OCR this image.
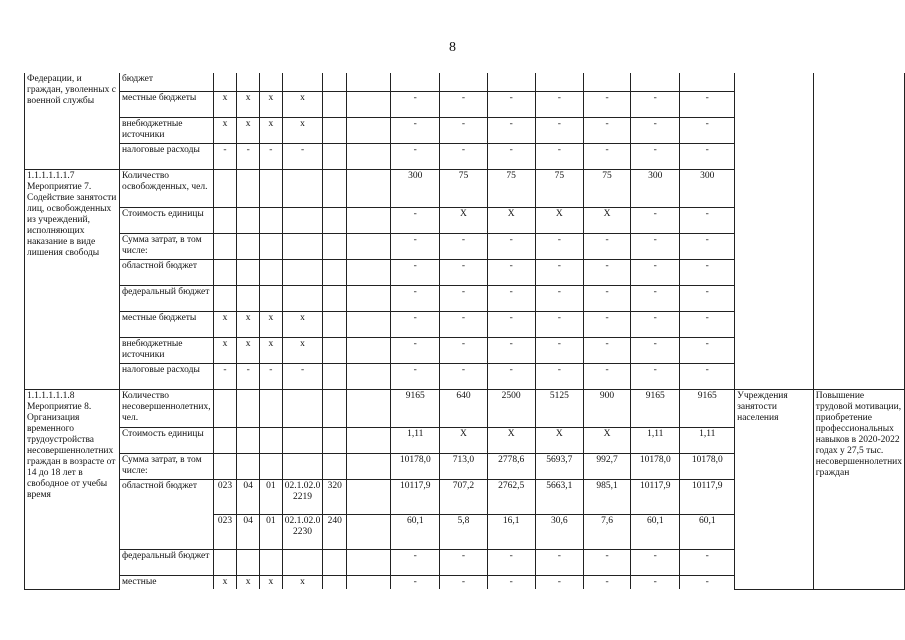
8
Федерации, и граждан, уволенных с военной службы	бюджет															
	местные бюджеты	х	х	х	х			-	-	-	-	-	-	-		
	внебюджетные источники	х	х	х	х			-	-	-	-	-	-	-		
	налоговые расходы	-	-	-	-			-	-	-	-	-	-	-		
1.1.1.1.1.1.7 Мероприятие 7. Содействие занятости лиц, освобожденных из учреждений, исполняющих наказание в виде лишения свободы	Количество освобожденных, чел.							300	75	75	75	75	300	300		
	Стоимость единицы							-	Х	Х	Х	Х	-	-		
	Сумма затрат, в том числе:							-	-	-	-	-	-	-		
	областной бюджет							-	-	-	-	-	-	-		
	федеральный бюджет							-	-	-	-	-	-	-		
	местные бюджеты	х	х	х	х			-	-	-	-	-	-	-		
	внебюджетные источники	х	х	х	х			-	-	-	-	-	-	-		
	налоговые расходы	-	-	-	-			-	-	-	-	-	-	-		
1.1.1.1.1.1.8 Мероприятие 8. Организация временного трудоустройства несовершеннолетних граждан в возрасте от 14 до 18 лет в свободное от учебы время	Количество несовершеннолетних, чел.							9165	640	2500	5125	900	9165	9165	Учреждения занятости населения	Повышение трудовой мотивации, приобретение профессиональных навыков в 2020-2022 годах у 27,5 тыс. несовершеннолетних граждан
	Стоимость единицы							1,11	Х	Х	Х	Х	1,11	1,11		
	Сумма затрат, в том числе:							10178,0	713,0	2778,6	5693,7	992,7	10178,0	10178,0		
	областной бюджет	023	04	01	02.1.02.0 2219	320		10117,9	707,2	2762,5	5663,1	985,1	10117,9	10117,9		
		023	04	01	02.1.02.0 2230	240		60,1	5,8	16,1	30,6	7,6	60,1	60,1		
	федеральный бюджет							-	-	-	-	-	-	-		
	местные	х	х	х	х			-	-	-	-	-	-	-		
